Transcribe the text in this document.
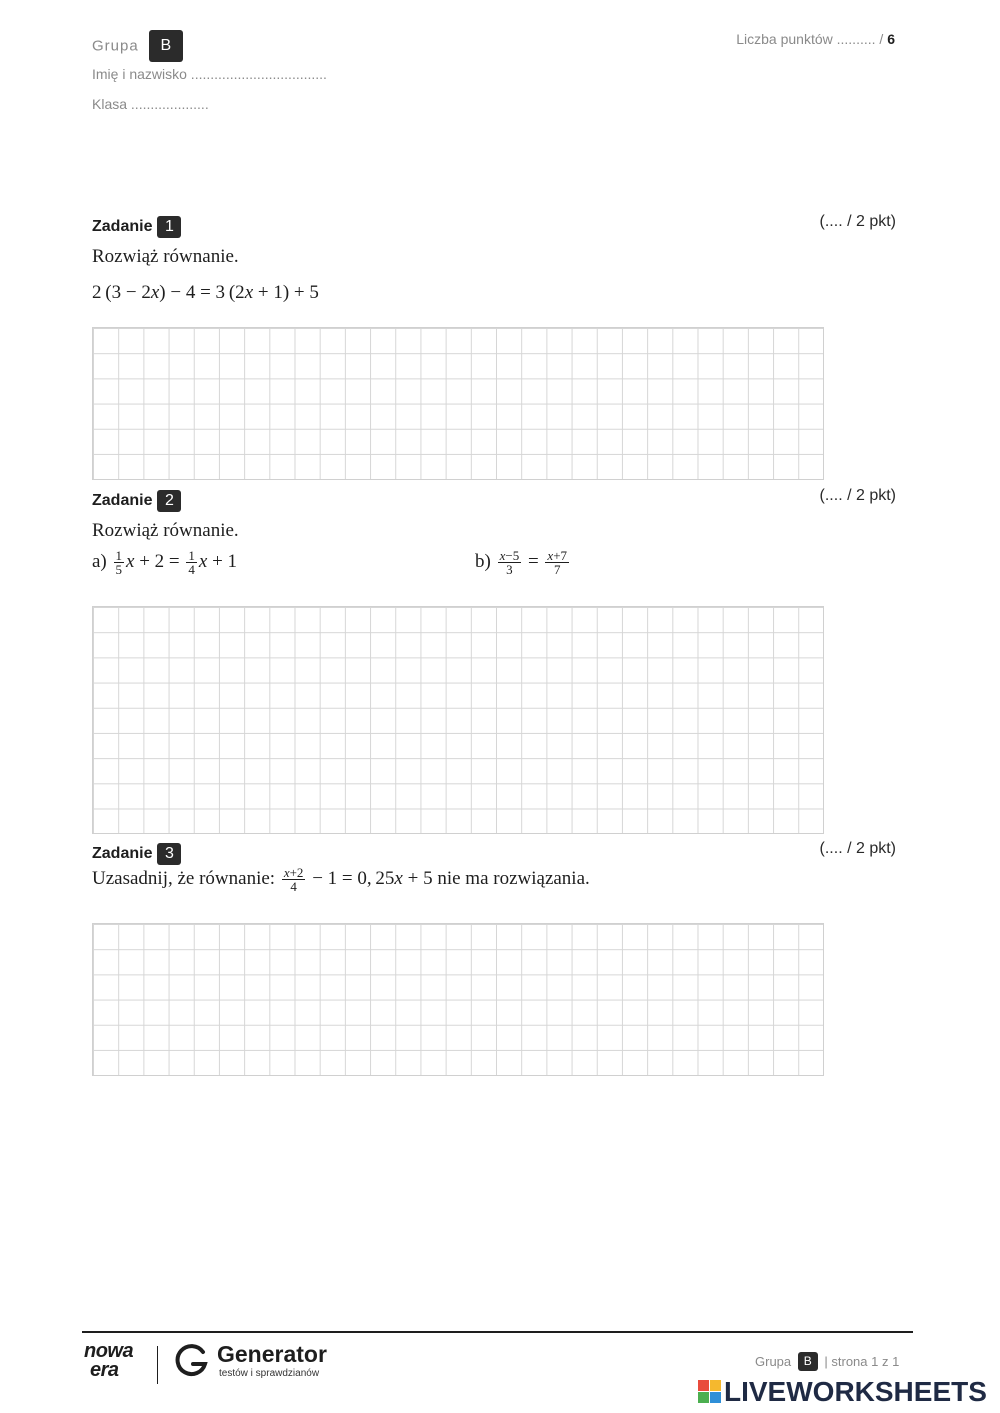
Grupa B
Imię i nazwisko ...................................
Klasa ....................
Liczba punktów .......... / 6
Zadanie 1	(.... / 2 pkt)
Rozwiąż równanie.
2 (3 − 2x) − 4 = 3 (2x + 1) + 5
Zadanie 2	(.... / 2 pkt)
Rozwiąż równanie.
$a) \frac{1}{5}$ $x + 2 = \frac{1}{4}$ x + 1	$b) \frac{x-5}{3} = \frac{x+7}{7}$
Zadanie 3	(.... / 2 pkt)
Uzasadnij, że równanie: $\frac{x+2}{4} - 1 = 0$, 25x + 5 nie ma rozwiązania.
nowa
era
Generator
testów i sprawdzianów
Grupa B | strona 1 z 1
LIVEWORKSHEETS
